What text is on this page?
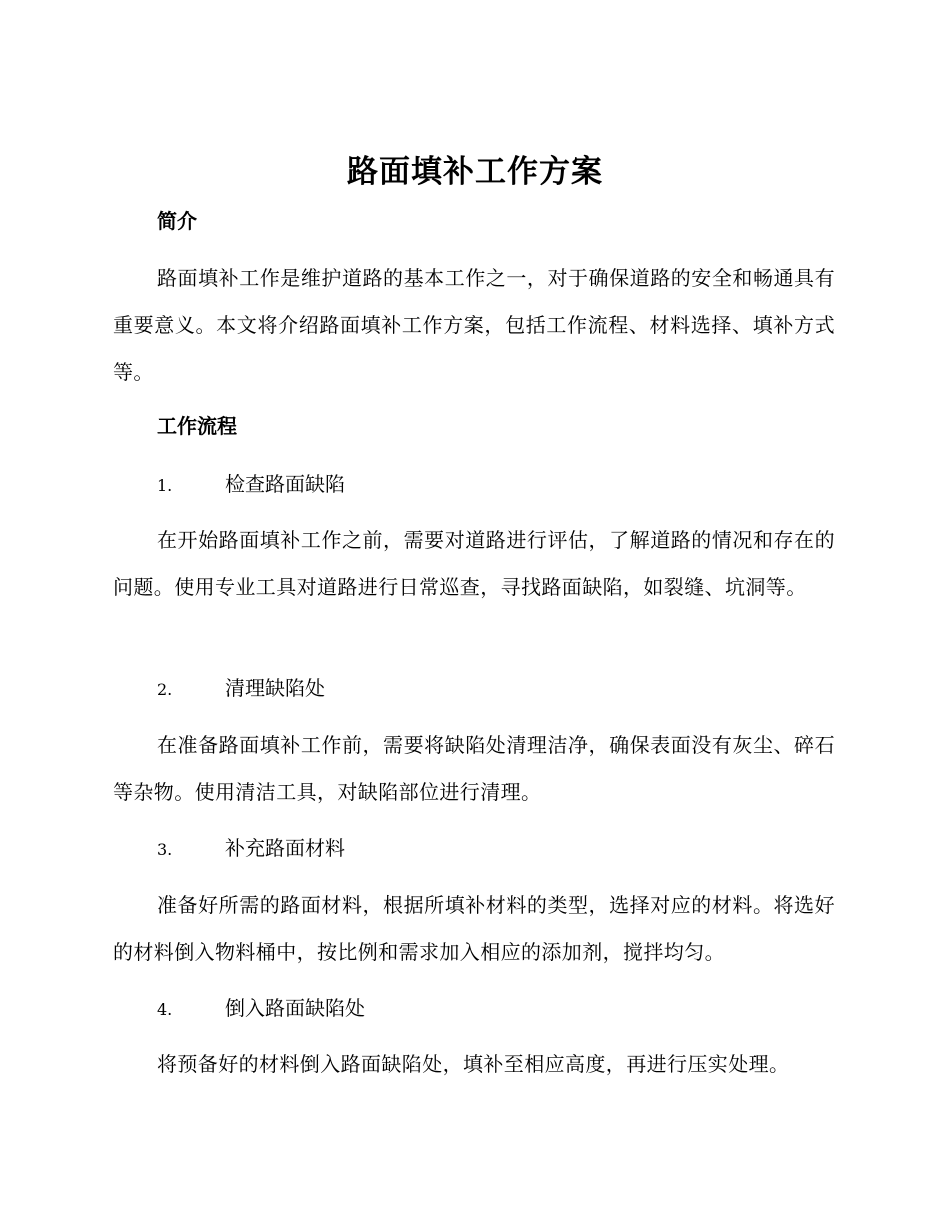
路面填补工作方案
简介
路面填补工作是维护道路的基本工作之一，对于确保道路的安全和畅通具有重要意义。本文将介绍路面填补工作方案，包括工作流程、材料选择、填补方式等。
工作流程
1.	检查路面缺陷
在开始路面填补工作之前，需要对道路进行评估，了解道路的情况和存在的问题。使用专业工具对道路进行日常巡查，寻找路面缺陷，如裂缝、坑洞等。
2.	清理缺陷处
在准备路面填补工作前，需要将缺陷处清理洁净，确保表面没有灰尘、碎石等杂物。使用清洁工具，对缺陷部位进行清理。
3.	补充路面材料
准备好所需的路面材料，根据所填补材料的类型，选择对应的材料。将选好的材料倒入物料桶中，按比例和需求加入相应的添加剂，搅拌均匀。
4.	倒入路面缺陷处
将预备好的材料倒入路面缺陷处，填补至相应高度，再进行压实处理。
